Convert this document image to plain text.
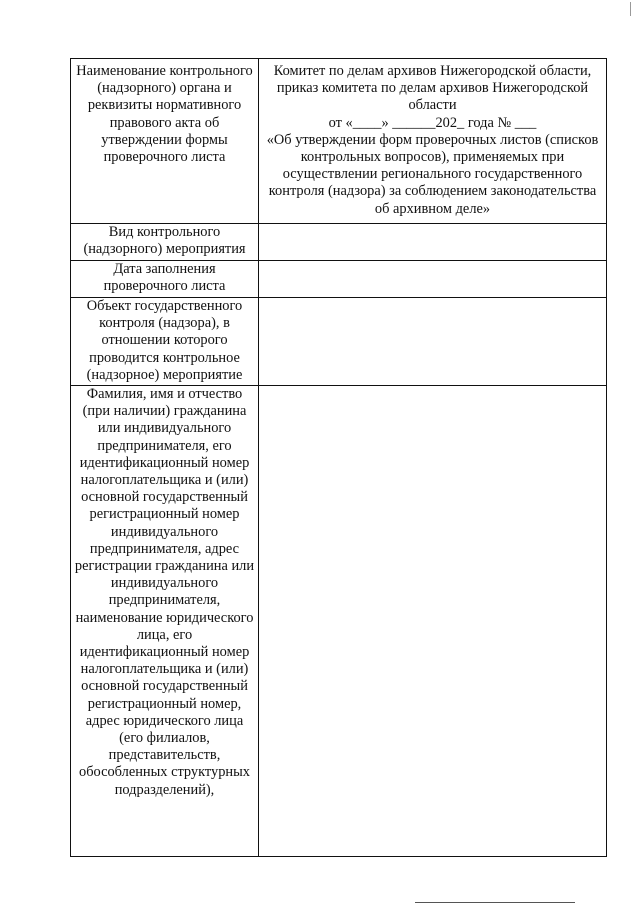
Наименование контрольного (надзорного) органа и реквизиты нормативного правового акта об утверждении формы проверочного листа	Комитет по делам архивов Нижегородской области, приказ комитета по делам архивов Нижегородской области
от «____» ______202_ года № ___
«Об утверждении форм проверочных листов (списков контрольных вопросов), применяемых при осуществлении регионального государственного контроля (надзора) за соблюдением законодательства об архивном деле»

Вид контрольного (надзорного) мероприятия	
Дата заполнения проверочного листа	
Объект государственного контроля (надзора), в отношении которого проводится контрольное (надзорное) мероприятие	
Фамилия, имя и отчество (при наличии) гражданина или индивидуального предпринимателя, его идентификационный номер налогоплательщика и (или) основной государственный регистрационный номер индивидуального предпринимателя, адрес регистрации гражданина или индивидуального предпринимателя, наименование юридического лица, его идентификационный номер налогоплательщика и (или) основной государственный регистрационный номер, адрес юридического лица (его филиалов, представительств, обособленных структурных подразделений),	
